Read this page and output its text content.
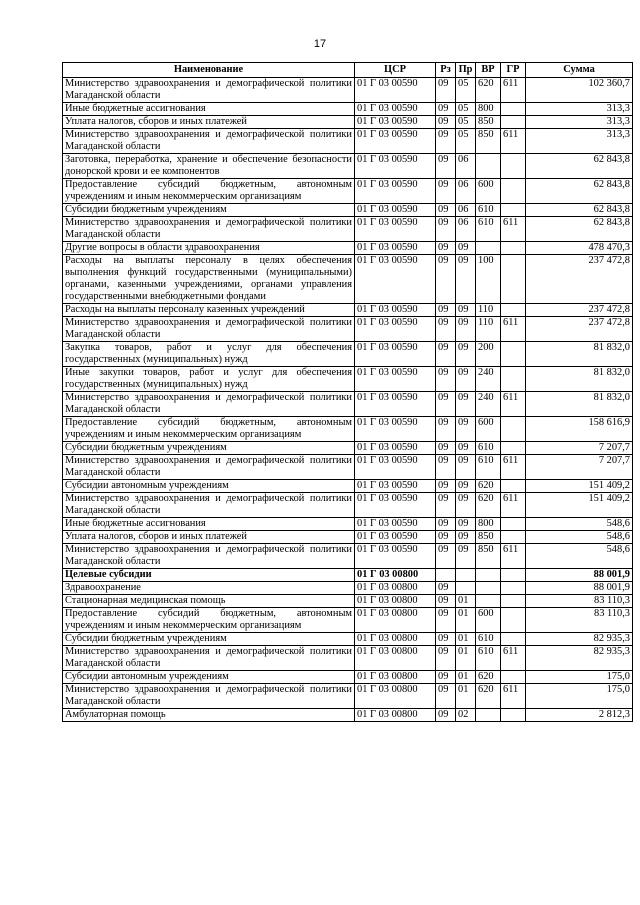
17
Наименование	ЦСР	Рз	Пр	ВР	ГР	Сумма
Министерство здравоохранения и демографической политики Магаданской области	01 Г 03 00590	09	05	620	611	102 360,7
Иные бюджетные ассигнования	01 Г 03 00590	09	05	800		313,3
Уплата налогов, сборов и иных платежей	01 Г 03 00590	09	05	850		313,3
Министерство здравоохранения и демографической политики Магаданской области	01 Г 03 00590	09	05	850	611	313,3
Заготовка, переработка, хранение и обеспечение безопасности донорской крови и ее компонентов	01 Г 03 00590	09	06			62 843,8
Предоставление субсидий бюджетным, автономным учреждениям и иным некоммерческим организациям	01 Г 03 00590	09	06	600		62 843,8
Субсидии бюджетным учреждениям	01 Г 03 00590	09	06	610		62 843,8
Министерство здравоохранения и демографической политики Магаданской области	01 Г 03 00590	09	06	610	611	62 843,8
Другие вопросы в области здравоохранения	01 Г 03 00590	09	09			478 470,3
Расходы на выплаты персоналу в целях обеспечения выполнения функций государственными (муниципальными) органами, казенными учреждениями, органами управления государственными внебюджетными фондами	01 Г 03 00590	09	09	100		237 472,8
Расходы на выплаты персоналу казенных учреждений	01 Г 03 00590	09	09	110		237 472,8
Министерство здравоохранения и демографической политики Магаданской области	01 Г 03 00590	09	09	110	611	237 472,8
Закупка товаров, работ и услуг для обеспечения государственных (муниципальных) нужд	01 Г 03 00590	09	09	200		81 832,0
Иные закупки товаров, работ и услуг для обеспечения государственных (муниципальных) нужд	01 Г 03 00590	09	09	240		81 832,0
Министерство здравоохранения и демографической политики Магаданской области	01 Г 03 00590	09	09	240	611	81 832,0
Предоставление субсидий бюджетным, автономным учреждениям и иным некоммерческим организациям	01 Г 03 00590	09	09	600		158 616,9
Субсидии бюджетным учреждениям	01 Г 03 00590	09	09	610		7 207,7
Министерство здравоохранения и демографической политики Магаданской области	01 Г 03 00590	09	09	610	611	7 207,7
Субсидии автономным учреждениям	01 Г 03 00590	09	09	620		151 409,2
Министерство здравоохранения и демографической политики Магаданской области	01 Г 03 00590	09	09	620	611	151 409,2
Иные бюджетные ассигнования	01 Г 03 00590	09	09	800		548,6
Уплата налогов, сборов и иных платежей	01 Г 03 00590	09	09	850		548,6
Министерство здравоохранения и демографической политики Магаданской области	01 Г 03 00590	09	09	850	611	548,6
Целевые субсидии	01 Г 03 00800					88 001,9
Здравоохранение	01 Г 03 00800	09				88 001,9
Стационарная медицинская помощь	01 Г 03 00800	09	01			83 110,3
Предоставление субсидий бюджетным, автономным учреждениям и иным некоммерческим организациям	01 Г 03 00800	09	01	600		83 110,3
Субсидии бюджетным учреждениям	01 Г 03 00800	09	01	610		82 935,3
Министерство здравоохранения и демографической политики Магаданской области	01 Г 03 00800	09	01	610	611	82 935,3
Субсидии автономным учреждениям	01 Г 03 00800	09	01	620		175,0
Министерство здравоохранения и демографической политики Магаданской области	01 Г 03 00800	09	01	620	611	175,0
Амбулаторная помощь	01 Г 03 00800	09	02			2 812,3
